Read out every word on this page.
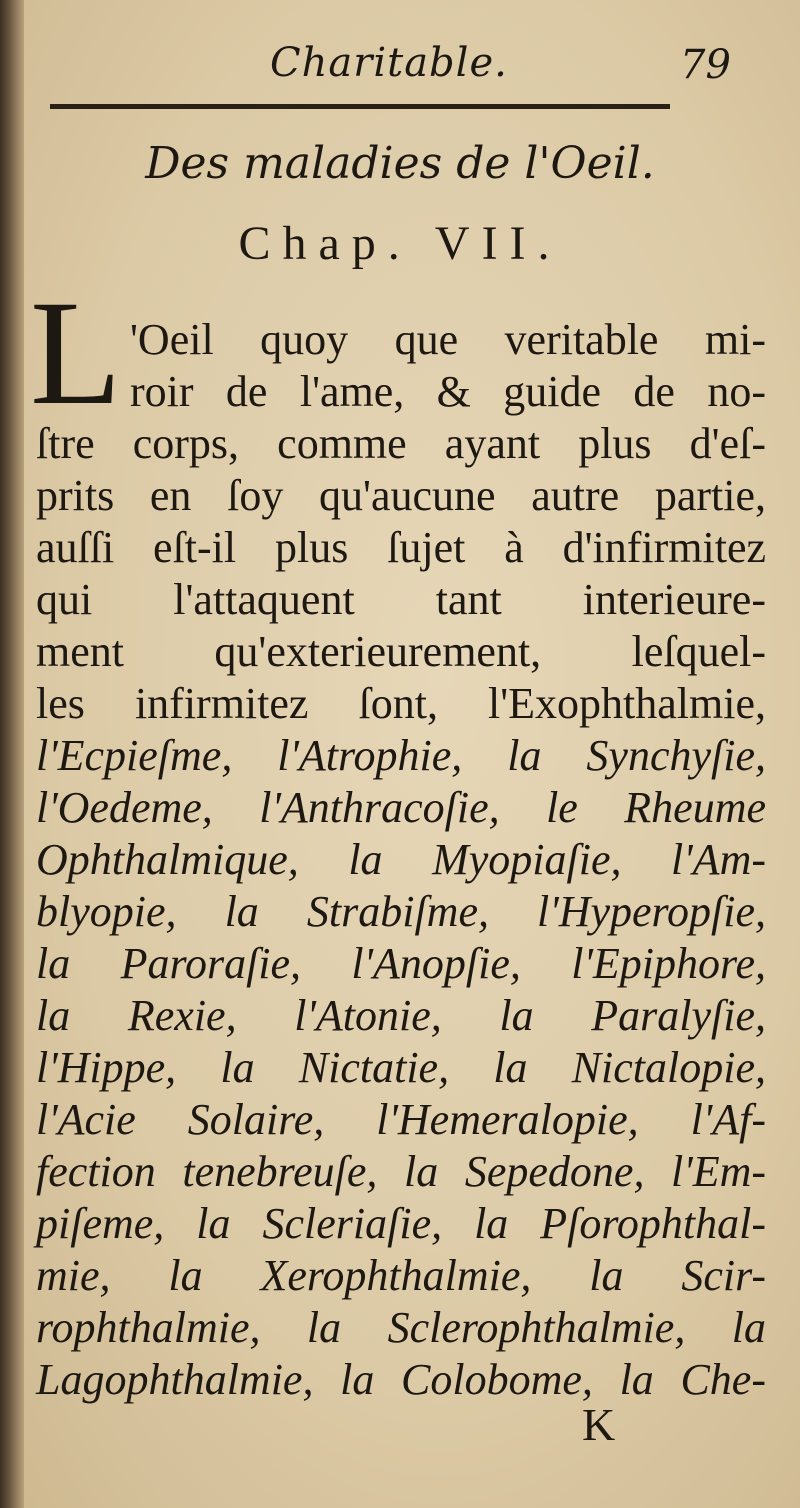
Charitable.	79
Des maladies de l'Oeil.
Chap. VII.
L 'Oeil quoy que veritable mi-
roir de l'ame, & guide de no-
ſtre corps, comme ayant plus d'eſ-
prits en ſoy qu'aucune autre partie,
auſſi eſt-il plus ſujet à d'infirmitez
qui l'attaquent tant interieure-
ment qu'exterieurement, leſquel-
les infirmitez ſont, l'Exophthalmie,
l'Ecpieſme, l'Atrophie, la Synchyſie,
l'Oedeme, l'Anthracoſie, le Rheume
Ophthalmique, la Myopiaſie, l'Am-
blyopie, la Strabiſme, l'Hyperopſie,
la Paroraſie, l'Anopſie, l'Epiphore,
la Rexie, l'Atonie, la Paralyſie,
l'Hippe, la Nictatie, la Nictalopie,
l'Acie Solaire, l'Hemeralopie, l'Af-
fection tenebreuſe, la Sepedone, l'Em-
piſeme, la Scleriaſie, la Pſorophthal-
mie, la Xerophthalmie, la Scir-
rophthalmie, la Sclerophthalmie, la
Lagophthalmie, la Colobome, la Che-
K
